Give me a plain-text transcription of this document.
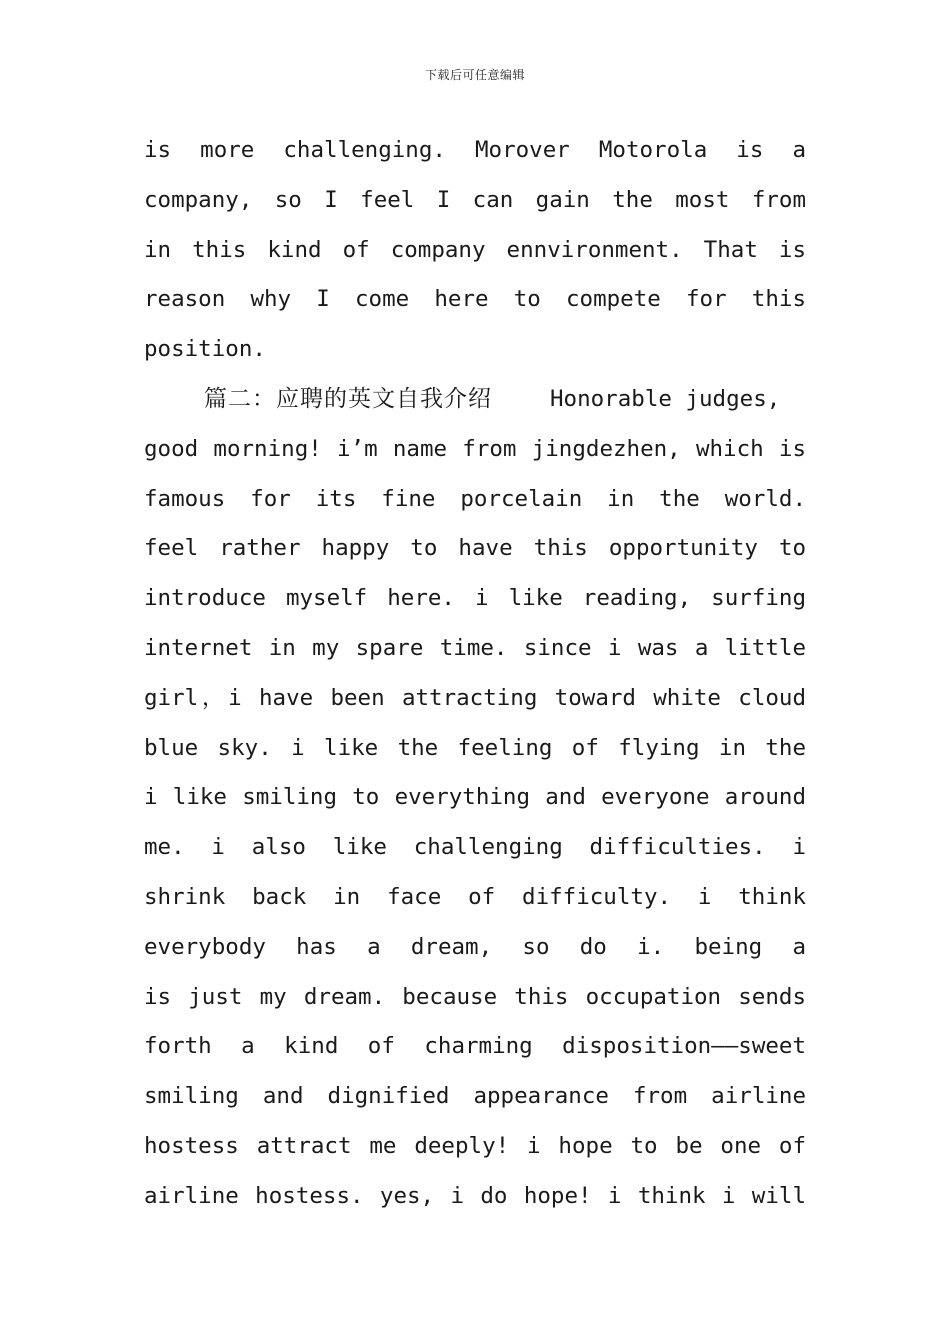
下载后可任意编辑
is more challenging. Morover Motorola is a
company, so I feel I can gain the most from
in this kind of company ennvironment. That is
reason why I come here to compete for this
position.
篇二：应聘的英文自我介绍	Honorable judges,
good morning! i’m name from jingdezhen, which is
famous for its fine porcelain in the world.
feel rather happy to have this opportunity to
introduce myself here. i like reading, surfing
internet in my spare time. since i was a little
girl，i have been attracting toward white cloud
blue sky. i like the feeling of flying in the
i like smiling to everything and everyone around
me. i also like challenging difficulties. i
shrink back in face of difficulty. i think
everybody has a dream, so do i. being a
is just my dream. because this occupation sends
forth a kind of charming disposition——sweet
smiling and dignified appearance from airline
hostess attract me deeply! i hope to be one of
airline hostess. yes, i do hope! i think i will
